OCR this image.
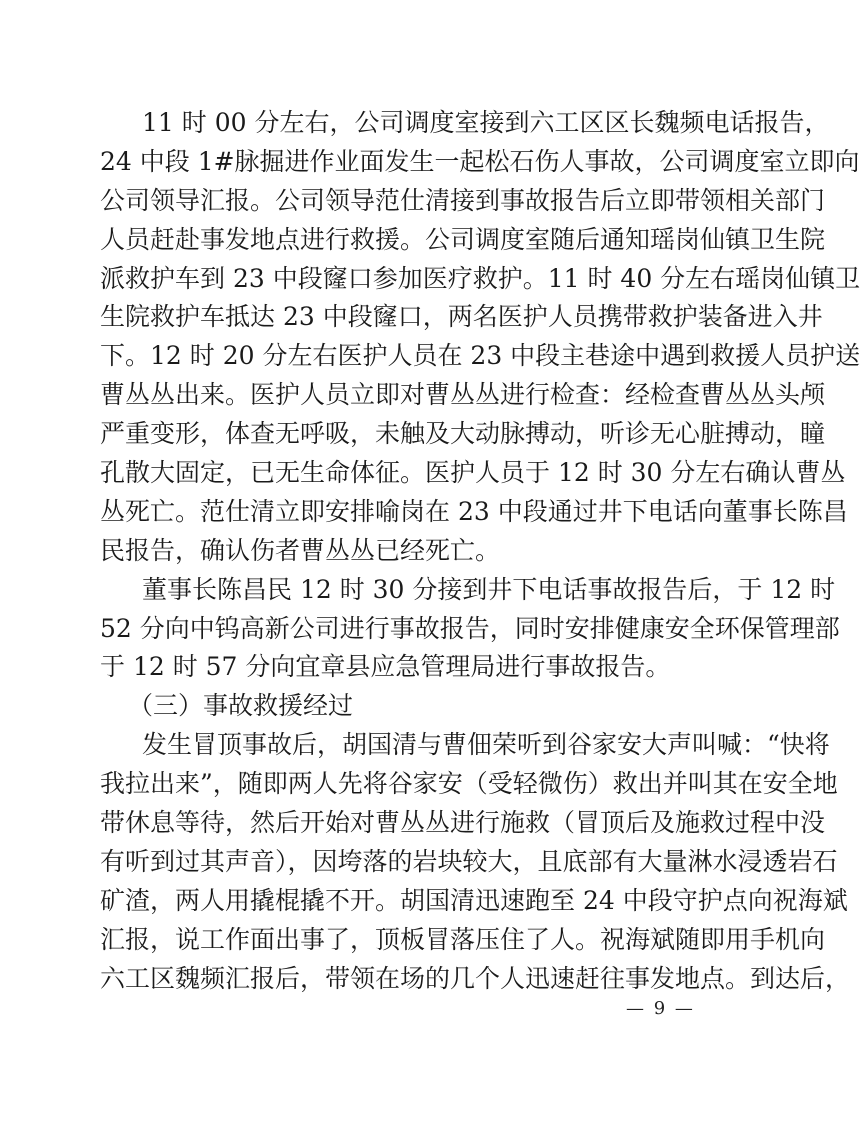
11 时 00 分左右，公司调度室接到六工区区长魏频电话报告，
24 中段 1#脉掘进作业面发生一起松石伤人事故，公司调度室立即向
公司领导汇报。公司领导范仕清接到事故报告后立即带领相关部门
人员赶赴事发地点进行救援。公司调度室随后通知瑶岗仙镇卫生院
派救护车到 23 中段窿口参加医疗救护。11 时 40 分左右瑶岗仙镇卫
生院救护车抵达 23 中段窿口，两名医护人员携带救护装备进入井
下。12 时 20 分左右医护人员在 23 中段主巷途中遇到救援人员护送
曹丛丛出来。医护人员立即对曹丛丛进行检查：经检查曹丛丛头颅
严重变形，体查无呼吸，未触及大动脉搏动，听诊无心脏搏动，瞳
孔散大固定，已无生命体征。医护人员于 12 时 30 分左右确认曹丛
丛死亡。范仕清立即安排喻岗在 23 中段通过井下电话向董事长陈昌
民报告，确认伤者曹丛丛已经死亡。
董事长陈昌民 12 时 30 分接到井下电话事故报告后，于 12 时
52 分向中钨高新公司进行事故报告，同时安排健康安全环保管理部
于 12 时 57 分向宜章县应急管理局进行事故报告。
（三）事故救援经过
发生冒顶事故后，胡国清与曹佃荣听到谷家安大声叫喊：“快将
我拉出来”，随即两人先将谷家安（受轻微伤）救出并叫其在安全地
带休息等待，然后开始对曹丛丛进行施救（冒顶后及施救过程中没
有听到过其声音），因垮落的岩块较大，且底部有大量淋水浸透岩石
矿渣，两人用撬棍撬不开。胡国清迅速跑至 24 中段守护点向祝海斌
汇报，说工作面出事了，顶板冒落压住了人。祝海斌随即用手机向
六工区魏频汇报后，带领在场的几个人迅速赶往事发地点。到达后，
— 9 —
